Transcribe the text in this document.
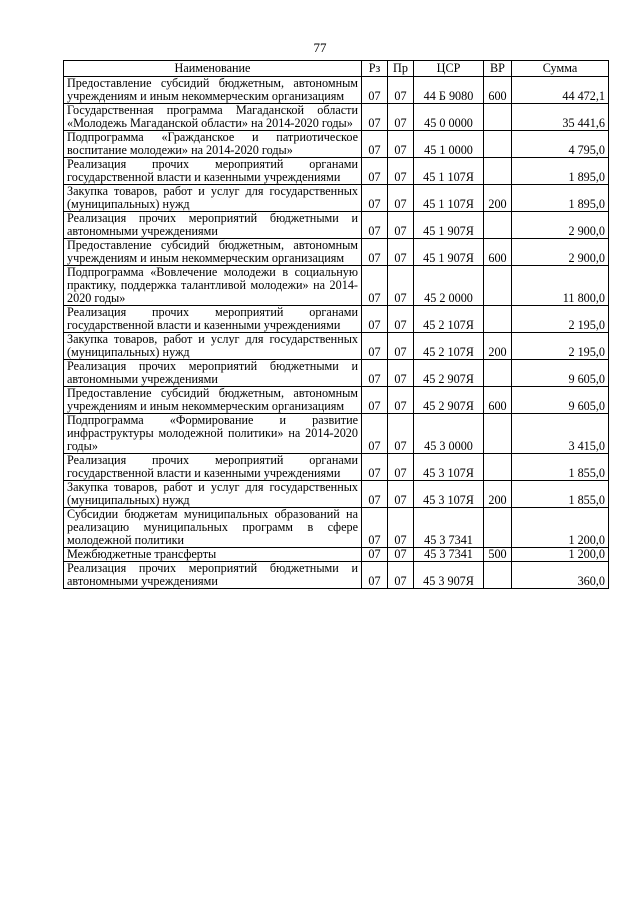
77
Наименование	Рз	Пр	ЦСР	ВР	Сумма
Предоставление субсидий бюджетным, автономным учреждениям и иным некоммерческим организациям	07	07	44 Б 9080	600	44 472,1
Государственная программа Магаданской области «Молодежь Магаданской области» на 2014-2020 годы»	07	07	45 0 0000		35 441,6
Подпрограмма «Гражданское и патриотическое воспитание молодежи» на 2014-2020 годы»	07	07	45 1 0000		4 795,0
Реализация прочих мероприятий органами государственной власти и казенными учреждениями	07	07	45 1 107Я		1 895,0
Закупка товаров, работ и услуг для государственных (муниципальных) нужд	07	07	45 1 107Я	200	1 895,0
Реализация прочих мероприятий бюджетными и автономными учреждениями	07	07	45 1 907Я		2 900,0
Предоставление субсидий бюджетным, автономным учреждениям и иным некоммерческим организациям	07	07	45 1 907Я	600	2 900,0
Подпрограмма «Вовлечение молодежи в социальную практику, поддержка талантливой молодежи» на 2014-2020 годы»	07	07	45 2 0000		11 800,0
Реализация прочих мероприятий органами государственной власти и казенными учреждениями	07	07	45 2 107Я		2 195,0
Закупка товаров, работ и услуг для государственных (муниципальных) нужд	07	07	45 2 107Я	200	2 195,0
Реализация прочих мероприятий бюджетными и автономными учреждениями	07	07	45 2 907Я		9 605,0
Предоставление субсидий бюджетным, автономным учреждениям и иным некоммерческим организациям	07	07	45 2 907Я	600	9 605,0
Подпрограмма «Формирование и развитие инфраструктуры молодежной политики» на 2014-2020 годы»	07	07	45 3 0000		3 415,0
Реализация прочих мероприятий органами государственной власти и казенными учреждениями	07	07	45 3 107Я		1 855,0
Закупка товаров, работ и услуг для государственных (муниципальных) нужд	07	07	45 3 107Я	200	1 855,0
Субсидии бюджетам муниципальных образований на реализацию муниципальных программ в сфере молодежной политики	07	07	45 3 7341		1 200,0
Межбюджетные трансферты	07	07	45 3 7341	500	1 200,0
Реализация прочих мероприятий бюджетными и автономными учреждениями	07	07	45 3 907Я		360,0
